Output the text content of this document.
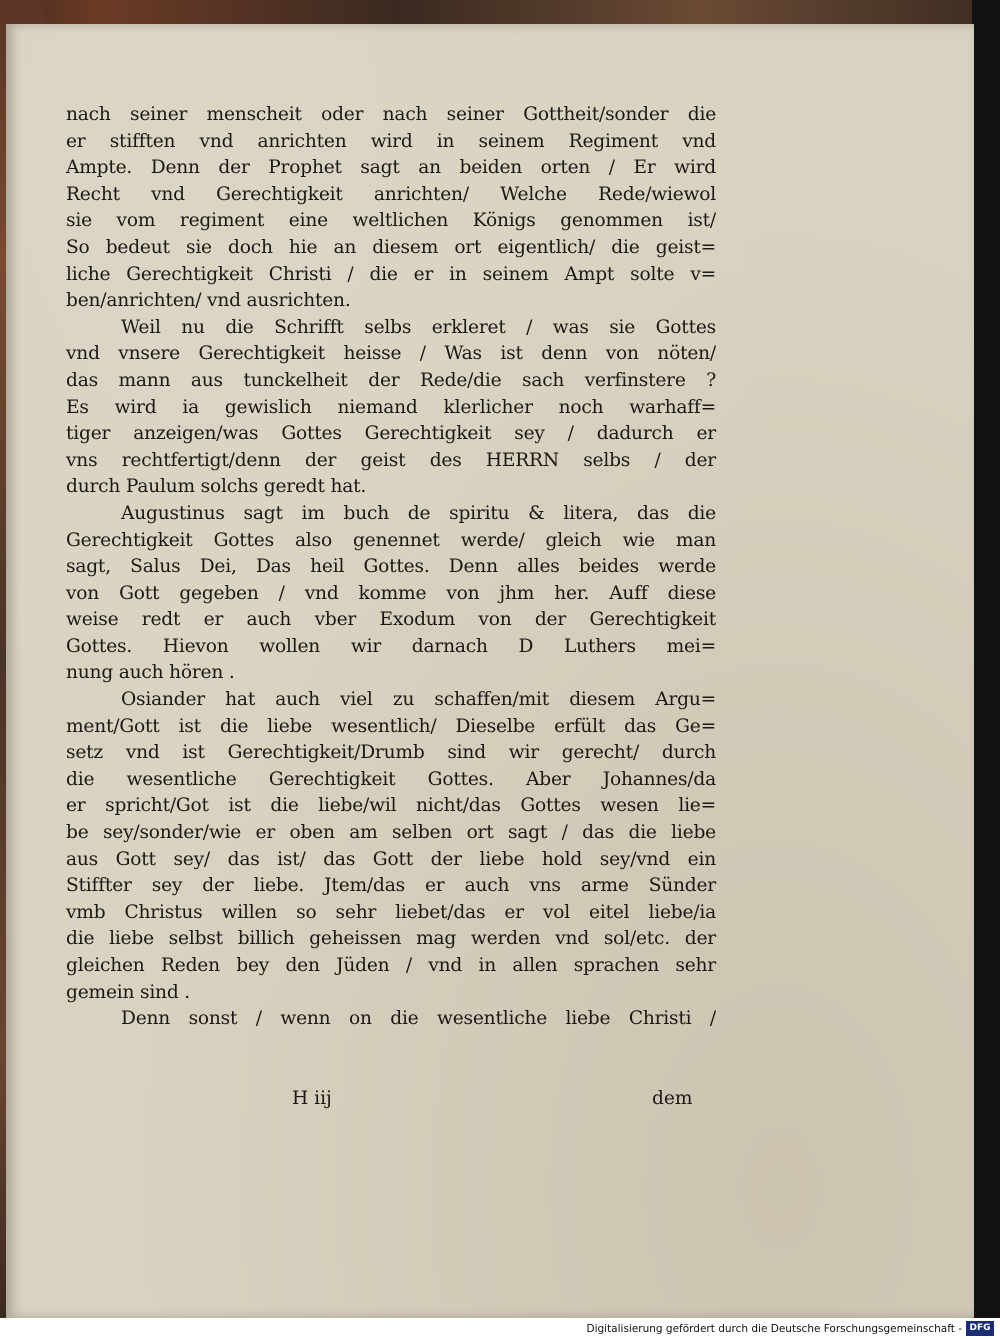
nach seiner menscheit oder nach seiner Gottheit/sonder die
er stifften vnd anrichten wird in seinem Regiment vnd
Ampte. Denn der Prophet sagt an beiden orten / Er wird
Recht vnd Gerechtigkeit anrichten/ Welche Rede/wiewol
sie vom regiment eine weltlichen Königs genommen ist/
So bedeut sie doch hie an diesem ort eigentlich/ die geist=
liche Gerechtigkeit Christi / die er in seinem Ampt solte v=
ben/anrichten/ vnd ausrichten.
Weil nu die Schrifft selbs erkleret / was sie Gottes
vnd vnsere Gerechtigkeit heisse / Was ist denn von nöten/
das mann aus tunckelheit der Rede/die sach verfinstere ?
Es wird ia gewislich niemand klerlicher noch warhaff=
tiger anzeigen/was Gottes Gerechtigkeit sey / dadurch er
vns rechtfertigt/denn der geist des HERRN selbs / der
durch Paulum solchs geredt hat.
Augustinus sagt im buch de spiritu & litera, das die
Gerechtigkeit Gottes also genennet werde/ gleich wie man
sagt, Salus Dei, Das heil Gottes. Denn alles beides werde
von Gott gegeben / vnd komme von jhm her. Auff diese
weise redt er auch vber Exodum von der Gerechtigkeit
Gottes. Hievon wollen wir darnach D Luthers mei=
nung auch hören .
Osiander hat auch viel zu schaffen/mit diesem Argu=
ment/Gott ist die liebe wesentlich/ Dieselbe erfült das Ge=
setz vnd ist Gerechtigkeit/Drumb sind wir gerecht/ durch
die wesentliche Gerechtigkeit Gottes. Aber Johannes/da
er spricht/Got ist die liebe/wil nicht/das Gottes wesen lie=
be sey/sonder/wie er oben am selben ort sagt / das die liebe
aus Gott sey/ das ist/ das Gott der liebe hold sey/vnd ein
Stiffter sey der liebe. Jtem/das er auch vns arme Sünder
vmb Christus willen so sehr liebet/das er vol eitel liebe/ia
die liebe selbst billich geheissen mag werden vnd sol/etc. der
gleichen Reden bey den Jüden / vnd in allen sprachen sehr
gemein sind .
Denn sonst / wenn on die wesentliche liebe Christi /
H iij	dem
Digitalisierung gefördert durch die Deutsche Forschungsgemeinschaft - DFG
